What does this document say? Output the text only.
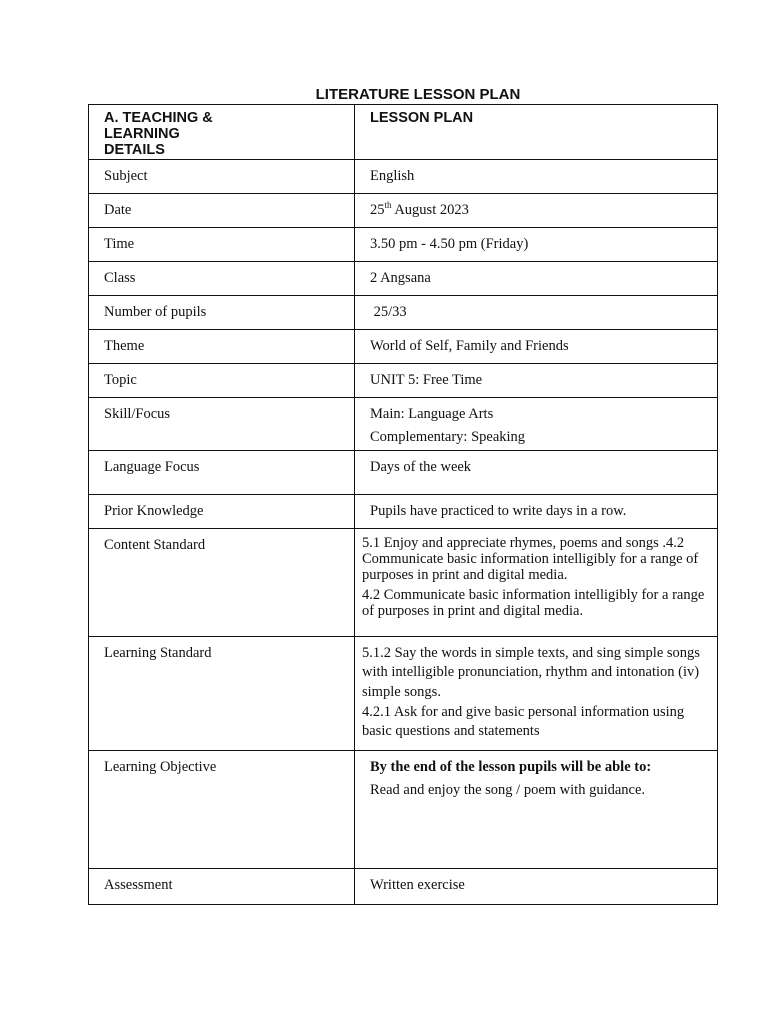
LITERATURE LESSON PLAN
A. TEACHING & LEARNING DETAILS	LESSON PLAN

Subject	English

Date	25th August 2023

Time	3.50 pm - 4.50 pm (Friday)

Class	2 Angsana

Number of pupils	25/33

Theme	World of Self, Family and Friends

Topic	UNIT 5: Free Time

Skill/Focus	Main: Language Arts
Complementary: Speaking

Language Focus	Days of the week

Prior Knowledge	Pupils have practiced to write days in a row.

Content Standard	5.1 Enjoy and appreciate rhymes, poems and songs .4.2 Communicate basic information intelligibly for a range of purposes in print and digital media.
4.2 Communicate basic information intelligibly for a range of purposes in print and digital media.

Learning Standard	5.1.2 Say the words in simple texts, and sing simple songs with intelligible pronunciation, rhythm and intonation (iv) simple songs.
4.2.1 Ask for and give basic personal information using basic questions and statements

Learning Objective	By the end of the lesson pupils will be able to:
Read and enjoy the song / poem with guidance.

Assessment	Written exercise
